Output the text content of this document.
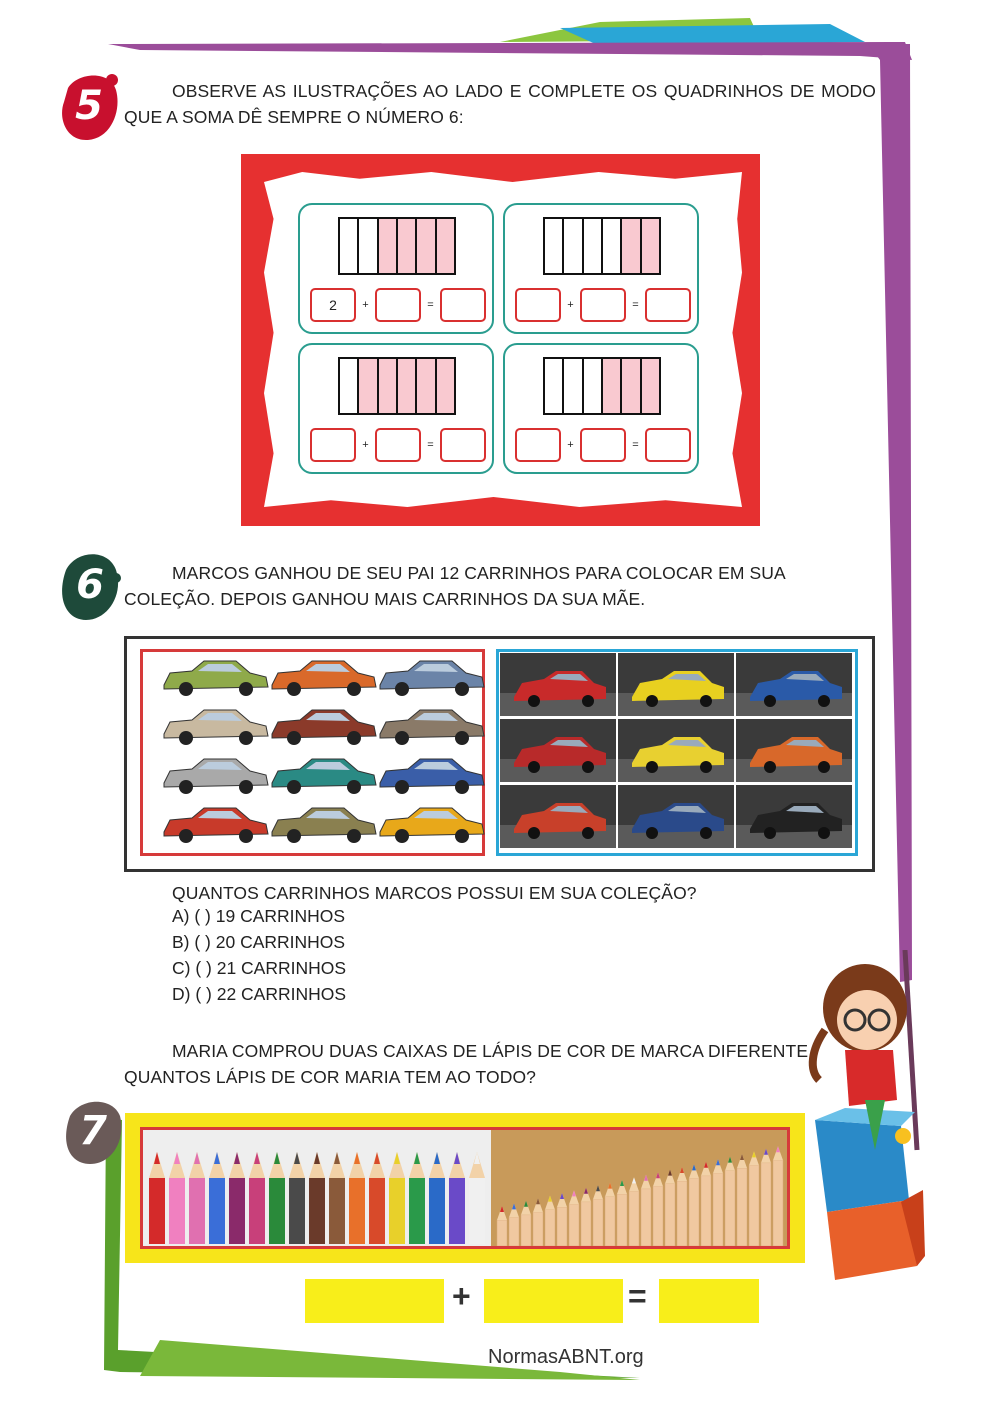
5	OBSERVE AS ILUSTRAÇÕES AO LADO E COMPLETE OS QUADRINHOS DE MODO QUE A SOMA DÊ SEMPRE O NÚMERO 6:
2	+	=	+	=
+	=	+	=
6	MARCOS GANHOU DE SEU PAI 12 CARRINHOS PARA COLOCAR EM SUA COLEÇÃO. DEPOIS GANHOU MAIS CARRINHOS DA SUA MÃE.
QUANTOS CARRINHOS MARCOS POSSUI EM SUA COLEÇÃO?
A) ( ) 19 CARRINHOS
B) ( ) 20 CARRINHOS
C) ( ) 21 CARRINHOS
D) ( ) 22 CARRINHOS
MARIA COMPROU DUAS CAIXAS DE LÁPIS DE COR DE MARCA DIFERENTE. QUANTOS LÁPIS DE COR MARIA TEM AO TODO?
7
+	=
NormasABNT.org
